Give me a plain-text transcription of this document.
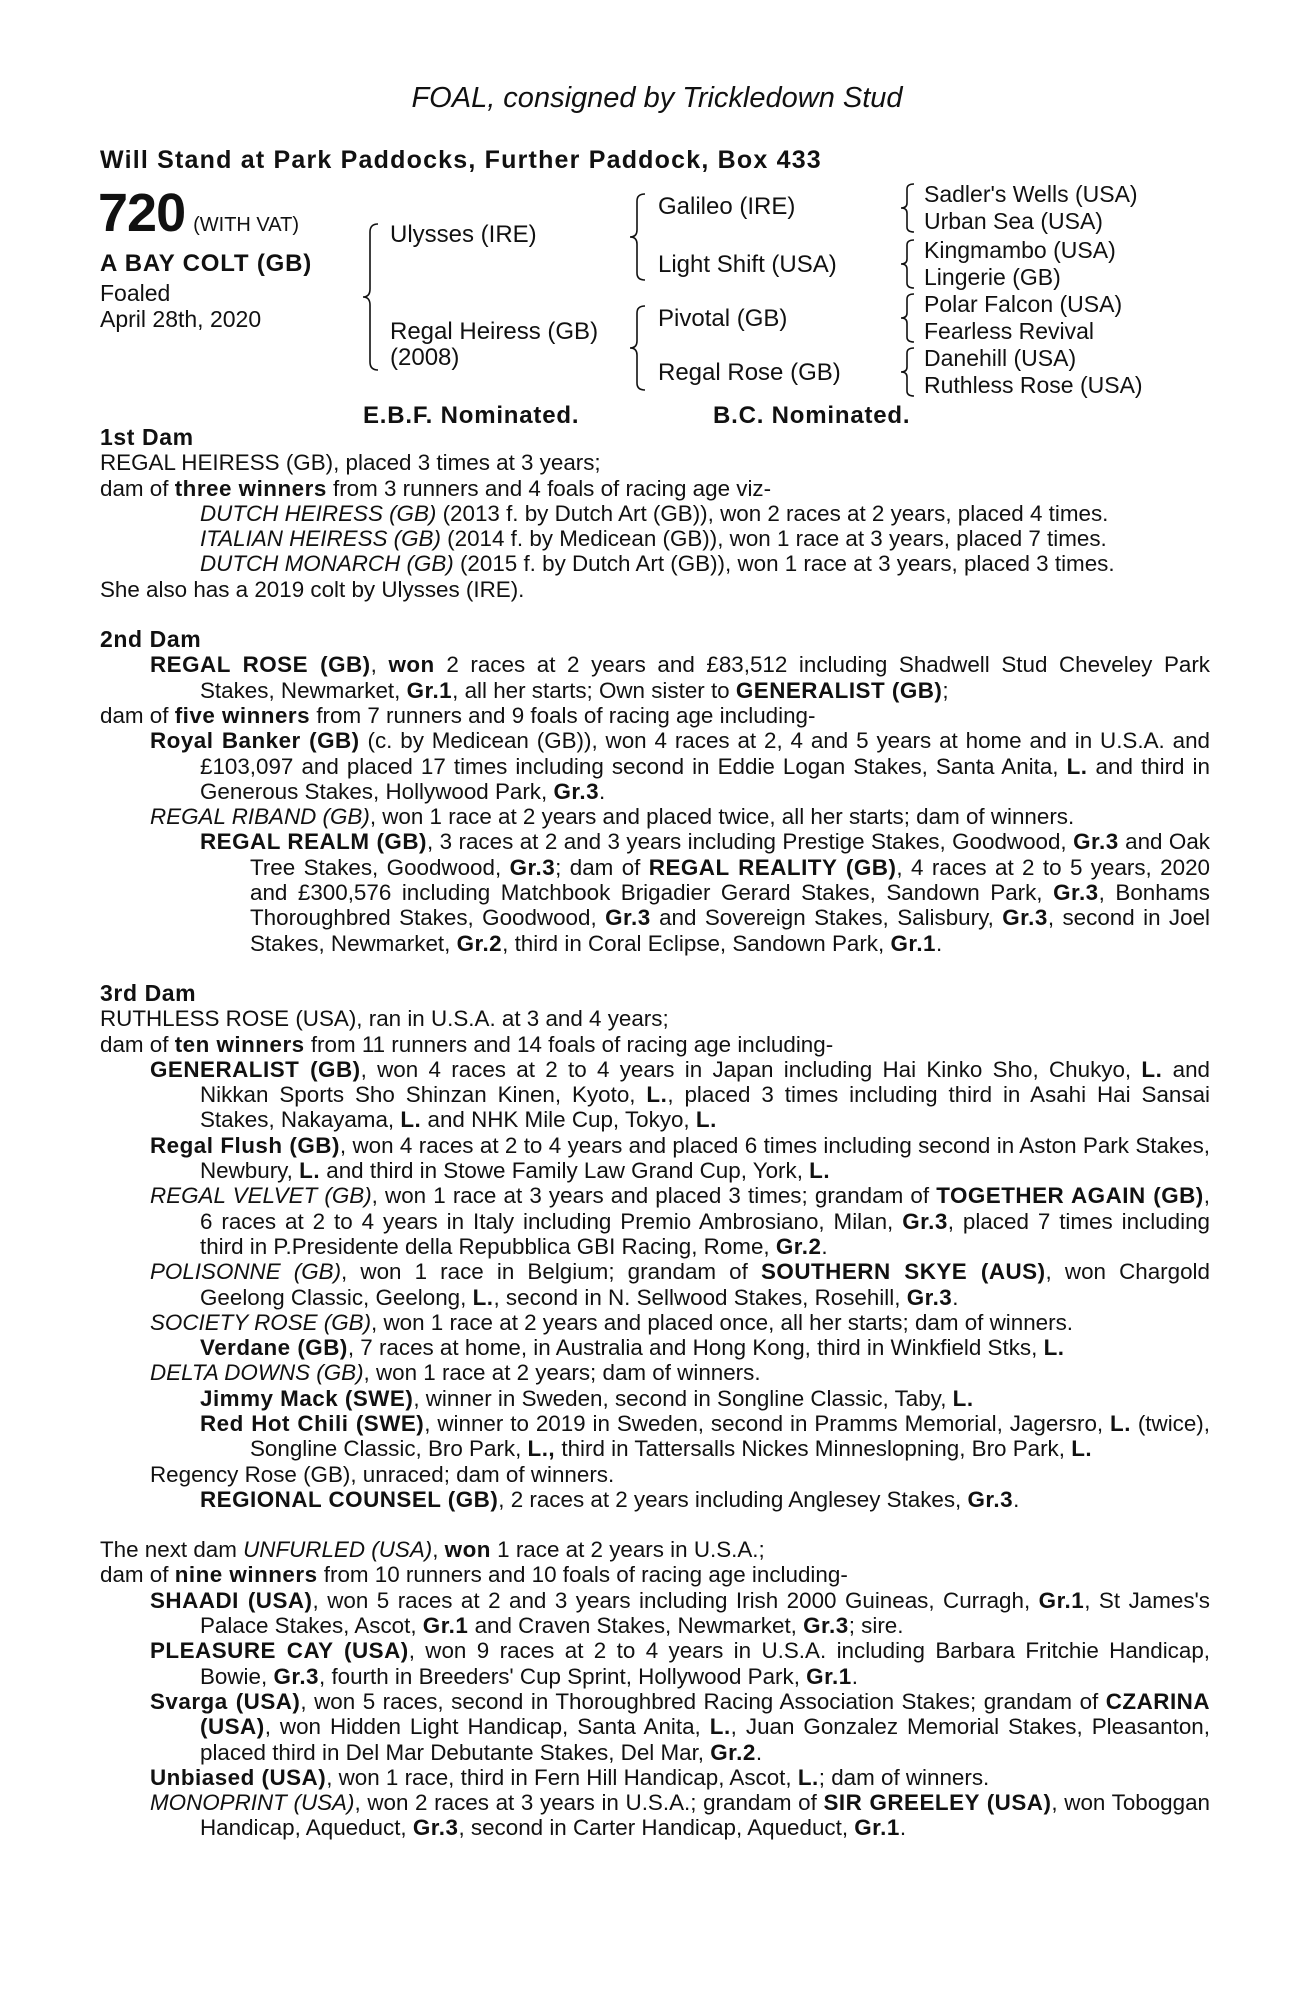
FOAL, consigned by Trickledown Stud
Will Stand at Park Paddocks, Further Paddock, Box 433
720 (WITH VAT)
A BAY COLT (GB)
Foaled
April 28th, 2020
Ulysses (IRE)
Regal Heiress (GB)
(2008)
Galileo (IRE)
Light Shift (USA)
Pivotal (GB)
Regal Rose (GB)
Sadler's Wells (USA)
Urban Sea (USA)
Kingmambo (USA)
Lingerie (GB)
Polar Falcon (USA)
Fearless Revival
Danehill (USA)
Ruthless Rose (USA)
E.B.F. Nominated.	B.C. Nominated.

1st Dam

REGAL HEIRESS (GB), placed 3 times at 3 years;

dam of three winners from 3 runners and 4 foals of racing age viz-

DUTCH HEIRESS (GB) (2013 f. by Dutch Art (GB)), won 2 races at 2 years, placed 4 times.

ITALIAN HEIRESS (GB) (2014 f. by Medicean (GB)), won 1 race at 3 years, placed 7 times.

DUTCH MONARCH (GB) (2015 f. by Dutch Art (GB)), won 1 race at 3 years, placed 3 times.

She also has a 2019 colt by Ulysses (IRE).

2nd Dam

REGAL ROSE (GB), won 2 races at 2 years and £83,512 including Shadwell Stud Cheveley Park Stakes, Newmarket, Gr.1, all her starts; Own sister to GENERALIST (GB);

dam of five winners from 7 runners and 9 foals of racing age including-

Royal Banker (GB) (c. by Medicean (GB)), won 4 races at 2, 4 and 5 years at home and in U.S.A. and £103,097 and placed 17 times including second in Eddie Logan Stakes, Santa Anita, L. and third in Generous Stakes, Hollywood Park, Gr.3.

REGAL RIBAND (GB), won 1 race at 2 years and placed twice, all her starts; dam of winners.

REGAL REALM (GB), 3 races at 2 and 3 years including Prestige Stakes, Goodwood, Gr.3 and Oak Tree Stakes, Goodwood, Gr.3; dam of REGAL REALITY (GB), 4 races at 2 to 5 years, 2020 and £300,576 including Matchbook Brigadier Gerard Stakes, Sandown Park, Gr.3, Bonhams Thoroughbred Stakes, Goodwood, Gr.3 and Sovereign Stakes, Salisbury, Gr.3, second in Joel Stakes, Newmarket, Gr.2, third in Coral Eclipse, Sandown Park, Gr.1.

3rd Dam

RUTHLESS ROSE (USA), ran in U.S.A. at 3 and 4 years;

dam of ten winners from 11 runners and 14 foals of racing age including-

GENERALIST (GB), won 4 races at 2 to 4 years in Japan including Hai Kinko Sho, Chukyo, L. and Nikkan Sports Sho Shinzan Kinen, Kyoto, L., placed 3 times including third in Asahi Hai Sansai Stakes, Nakayama, L. and NHK Mile Cup, Tokyo, L.

Regal Flush (GB), won 4 races at 2 to 4 years and placed 6 times including second in Aston Park Stakes, Newbury, L. and third in Stowe Family Law Grand Cup, York, L.

REGAL VELVET (GB), won 1 race at 3 years and placed 3 times; grandam of TOGETHER AGAIN (GB), 6 races at 2 to 4 years in Italy including Premio Ambrosiano, Milan, Gr.3, placed 7 times including third in P.Presidente della Repubblica GBI Racing, Rome, Gr.2.

POLISONNE (GB), won 1 race in Belgium; grandam of SOUTHERN SKYE (AUS), won Chargold Geelong Classic, Geelong, L., second in N. Sellwood Stakes, Rosehill, Gr.3.

SOCIETY ROSE (GB), won 1 race at 2 years and placed once, all her starts; dam of winners.

Verdane (GB), 7 races at home, in Australia and Hong Kong, third in Winkfield Stks, L.

DELTA DOWNS (GB), won 1 race at 2 years; dam of winners.

Jimmy Mack (SWE), winner in Sweden, second in Songline Classic, Taby, L.

Red Hot Chili (SWE), winner to 2019 in Sweden, second in Pramms Memorial, Jagersro, L. (twice), Songline Classic, Bro Park, L., third in Tattersalls Nickes Minneslopning, Bro Park, L.

Regency Rose (GB), unraced; dam of winners.

REGIONAL COUNSEL (GB), 2 races at 2 years including Anglesey Stakes, Gr.3.

The next dam UNFURLED (USA), won 1 race at 2 years in U.S.A.;

dam of nine winners from 10 runners and 10 foals of racing age including-

SHAADI (USA), won 5 races at 2 and 3 years including Irish 2000 Guineas, Curragh, Gr.1, St James's Palace Stakes, Ascot, Gr.1 and Craven Stakes, Newmarket, Gr.3; sire.

PLEASURE CAY (USA), won 9 races at 2 to 4 years in U.S.A. including Barbara Fritchie Handicap, Bowie, Gr.3, fourth in Breeders' Cup Sprint, Hollywood Park, Gr.1.

Svarga (USA), won 5 races, second in Thoroughbred Racing Association Stakes; grandam of CZARINA (USA), won Hidden Light Handicap, Santa Anita, L., Juan Gonzalez Memorial Stakes, Pleasanton, placed third in Del Mar Debutante Stakes, Del Mar, Gr.2.

Unbiased (USA), won 1 race, third in Fern Hill Handicap, Ascot, L.; dam of winners.

MONOPRINT (USA), won 2 races at 3 years in U.S.A.; grandam of SIR GREELEY (USA), won Toboggan Handicap, Aqueduct, Gr.3, second in Carter Handicap, Aqueduct, Gr.1.
